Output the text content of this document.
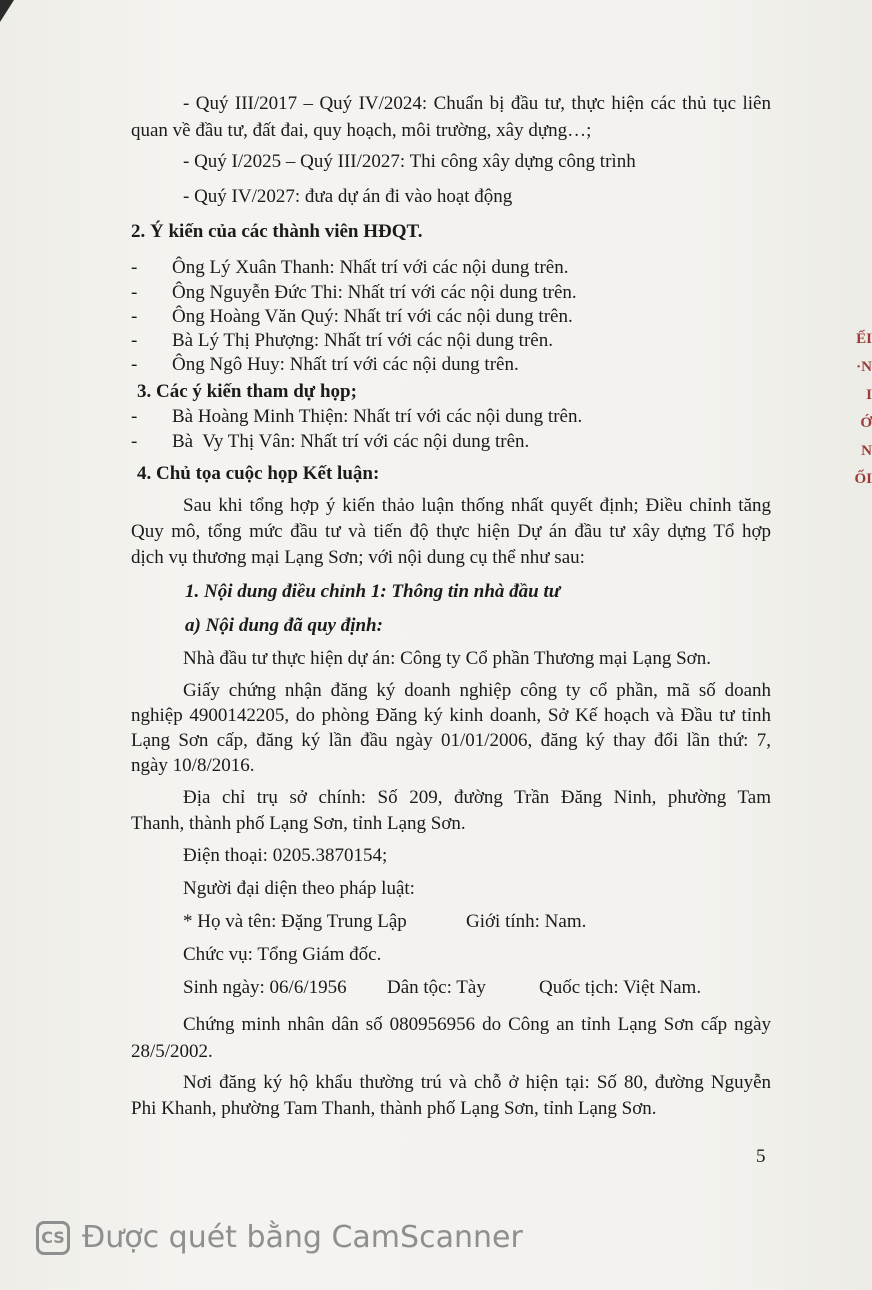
- Quý III/2017 – Quý IV/2024: Chuẩn bị đầu tư, thực hiện các thủ tục liên
quan về đầu tư, đất đai, quy hoạch, môi trường, xây dựng…;
- Quý I/2025 – Quý III/2027: Thi công xây dựng công trình
- Quý IV/2027: đưa dự án đi vào hoạt động
2. Ý kiến của các thành viên HĐQT.
- Ông Lý Xuân Thanh: Nhất trí với các nội dung trên.
- Ông Nguyễn Đức Thi: Nhất trí với các nội dung trên.
- Ông Hoàng Văn Quý: Nhất trí với các nội dung trên.
- Bà Lý Thị Phượng: Nhất trí với các nội dung trên.
- Ông Ngô Huy: Nhất trí với các nội dung trên.
3. Các ý kiến tham dự họp;
- Bà Hoàng Minh Thiện: Nhất trí với các nội dung trên.
- Bà  Vy Thị Vân: Nhất trí với các nội dung trên.
4. Chủ tọa cuộc họp Kết luận:
Sau khi tổng hợp ý kiến thảo luận thống nhất quyết định; Điều chỉnh tăng
Quy mô, tổng mức đầu tư và tiến độ thực hiện Dự án đầu tư xây dựng Tổ hợp
dịch vụ thương mại Lạng Sơn; với nội dung cụ thể như sau:
1. Nội dung điều chỉnh 1: Thông tin nhà đầu tư
a) Nội dung đã quy định:
Nhà đầu tư thực hiện dự án: Công ty Cổ phần Thương mại Lạng Sơn.
Giấy chứng nhận đăng ký doanh nghiệp công ty cổ phần, mã số doanh
nghiệp 4900142205, do phòng Đăng ký kinh doanh, Sở Kế hoạch và Đầu tư tỉnh
Lạng Sơn cấp, đăng ký lần đầu ngày 01/01/2006, đăng ký thay đổi lần thứ: 7,
ngày 10/8/2016.
Địa chỉ trụ sở chính: Số 209, đường Trần Đăng Ninh, phường Tam
Thanh, thành phố Lạng Sơn, tỉnh Lạng Sơn.
Điện thoại: 0205.3870154;
Người đại diện theo pháp luật:
* Họ và tên: Đặng Trung Lập	Giới tính: Nam.
Chức vụ: Tổng Giám đốc.
Sinh ngày: 06/6/1956 Dân tộc: Tày	Quốc tịch: Việt Nam.
Chứng minh nhân dân số 080956956 do Công an tỉnh Lạng Sơn cấp ngày
28/5/2002.
Nơi đăng ký hộ khẩu thường trú và chỗ ở hiện tại: Số 80, đường Nguyễn
Phi Khanh, phường Tam Thanh, thành phố Lạng Sơn, tỉnh Lạng Sơn.
5
ẾI
·N
I
Ớ
N
ỐI
CS Được quét bằng CamScanner
